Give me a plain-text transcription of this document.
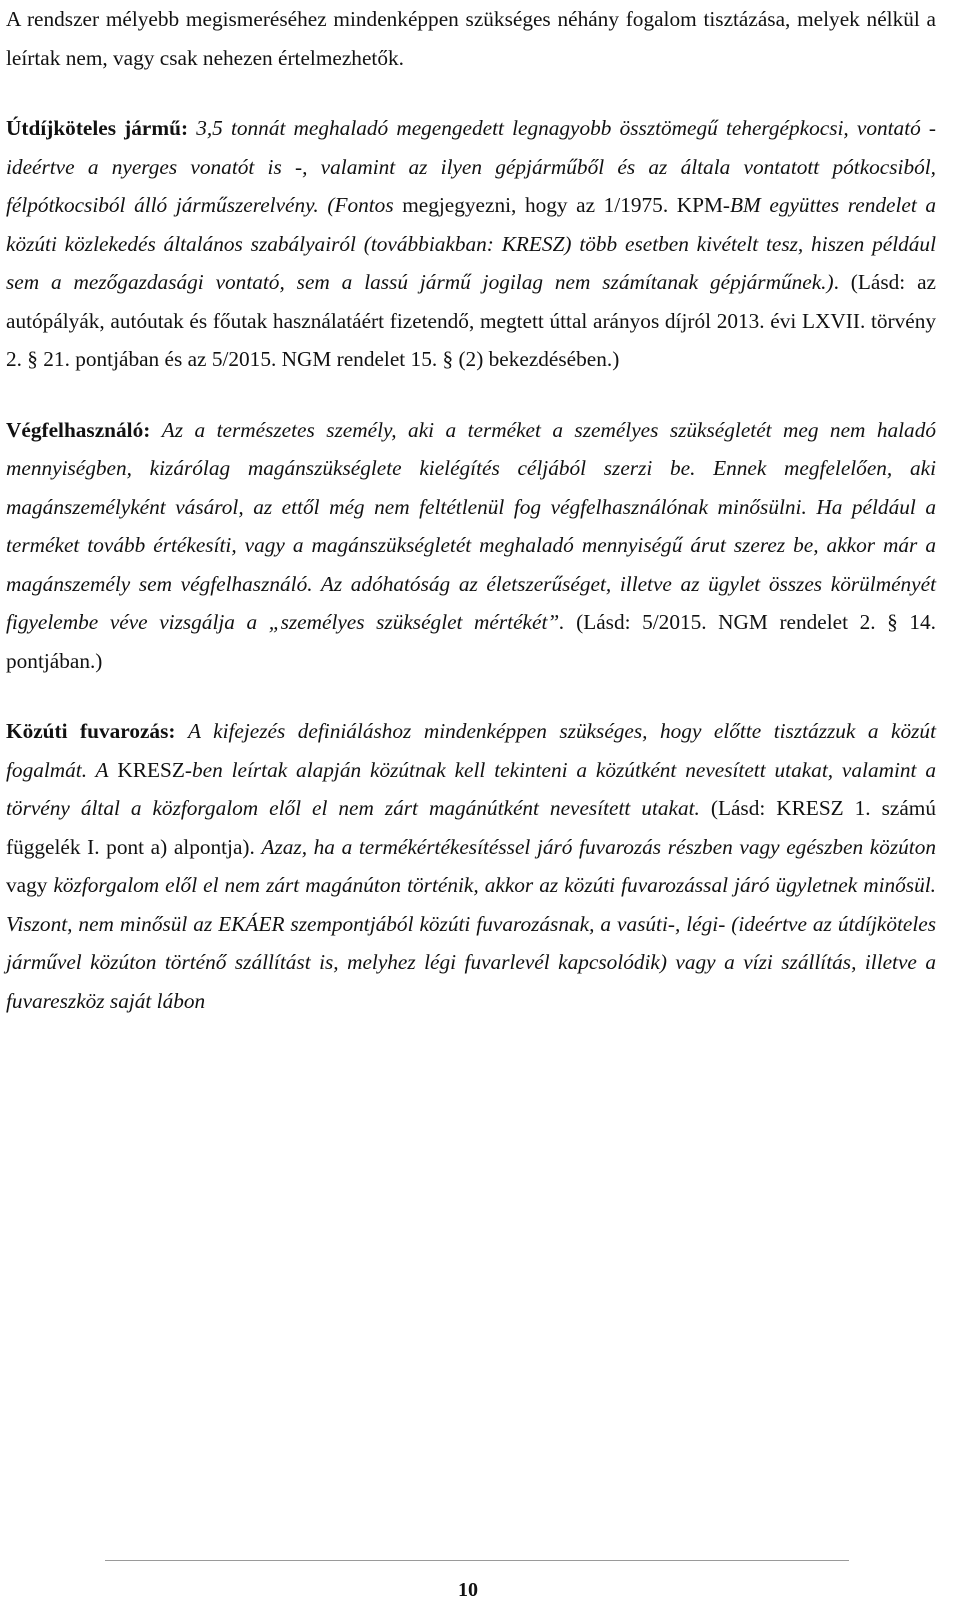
A rendszer mélyebb megismeréséhez mindenképpen szükséges néhány fogalom tisztázása, melyek nélkül a leírtak nem, vagy csak nehezen értelmezhetők.

Útdíjköteles jármű: 3,5 tonnát meghaladó megengedett legnagyobb össztömegű tehergépkocsi, vontató - ideértve a nyerges vonatót is -, valamint az ilyen gépjárműből és az általa vontatott pótkocsiból, félpótkocsiból álló járműszerelvény. (Fontos megjegyezni, hogy az 1/1975. KPM-BM együttes rendelet a közúti közlekedés általános szabályairól (továbbiakban: KRESZ) több esetben kivételt tesz, hiszen például sem a mezőgazdasági vontató, sem a lassú jármű jogilag nem számítanak gépjárműnek.). (Lásd: az autópályák, autóutak és főutak használatáért fizetendő, megtett úttal arányos díjról 2013. évi LXVII. törvény 2. § 21. pontjában és az 5/2015. NGM rendelet 15. § (2) bekezdésében.)

Végfelhasználó: Az a természetes személy, aki a terméket a személyes szükségletét meg nem haladó mennyiségben, kizárólag magánszükséglete kielégítés céljából szerzi be. Ennek megfelelően, aki magánszemélyként vásárol, az ettől még nem feltétlenül fog végfelhasználónak minősülni. Ha például a terméket tovább értékesíti, vagy a magánszükségletét meghaladó mennyiségű árut szerez be, akkor már a magánszemély sem végfelhasználó. Az adóhatóság az életszerűséget, illetve az ügylet összes körülményét figyelembe véve vizsgálja a „személyes szükséglet mértékét”. (Lásd: 5/2015. NGM rendelet 2. § 14. pontjában.)

Közúti fuvarozás: A kifejezés definiáláshoz mindenképpen szükséges, hogy előtte tisztázzuk a közút fogalmát. A KRESZ-ben leírtak alapján közútnak kell tekinteni a közútként nevesített utakat, valamint a törvény által a közforgalom elől el nem zárt magánútként nevesített utakat. (Lásd: KRESZ 1. számú függelék I. pont a) alpontja). Azaz, ha a termékértékesítéssel járó fuvarozás részben vagy egészben közúton vagy közforgalom elől el nem zárt magánúton történik, akkor az közúti fuvarozással járó ügyletnek minősül. Viszont, nem minősül az EKÁER szempontjából közúti fuvarozásnak, a vasúti-, légi- (ideértve az útdíjköteles járművel közúton történő szállítást is, melyhez légi fuvarlevél kapcsolódik) vagy a vízi szállítás, illetve a fuvareszköz saját lábon

10
